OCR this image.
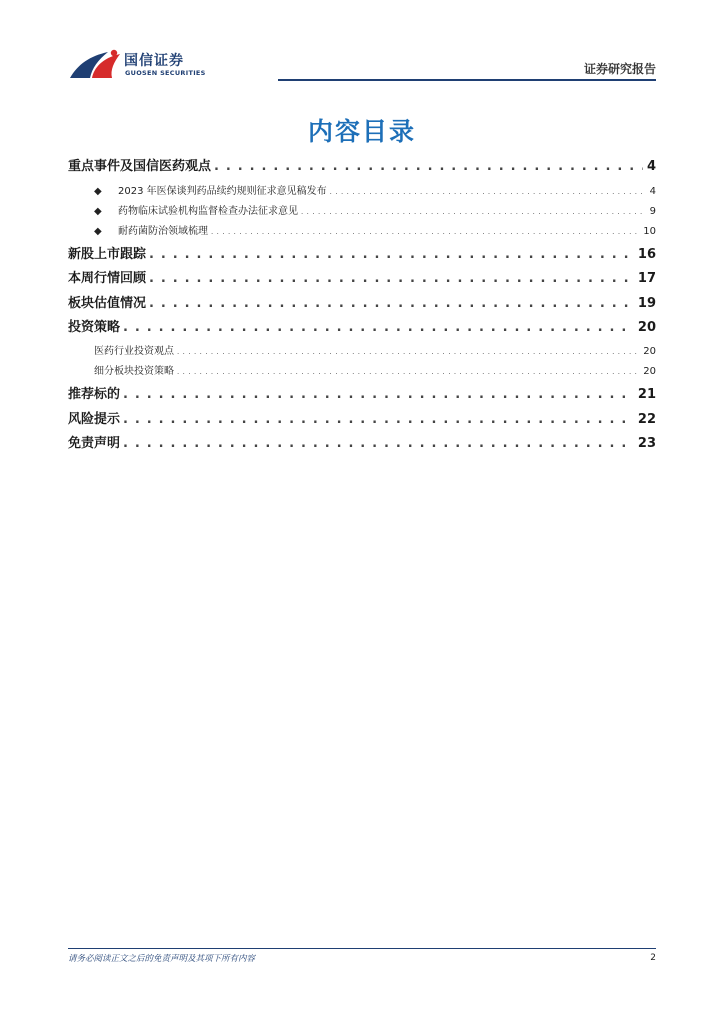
国信证券
GUOSEN SECURITIES	证券研究报告
内容目录
重点事件及国信医药观点 . . .	4
◆ 2023 年医保谈判药品续约规则征求意见稿发布 . . .	4
◆ 药物临床试验机构监督检查办法征求意见 . . .	9
◆ 耐药菌防治领域梳理 . . .	10
新股上市跟踪 . . .	16
本周行情回顾 . . .	17
板块估值情况 . . .	19
投资策略 . . .	20
医药行业投资观点 . . .	20
细分板块投资策略 . . .	20
推荐标的 . . .	21
风险提示 . . .	22
免责声明 . . .	23
请务必阅读正文之后的免责声明及其项下所有内容	2
